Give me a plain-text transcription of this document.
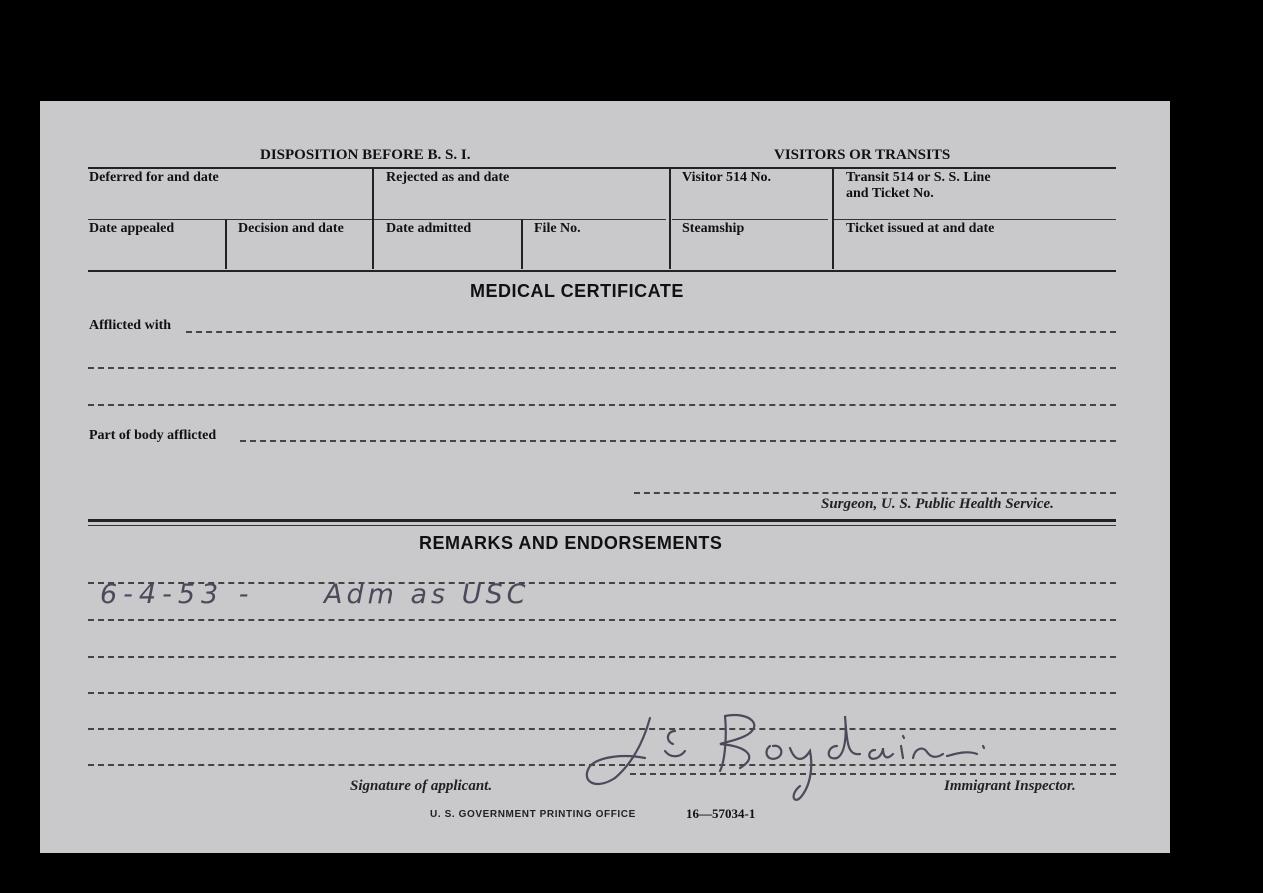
DISPOSITION BEFORE B. S. I.	VISITORS OR TRANSITS
Deferred for and date	Rejected as and date	Visitor 514 No.	Transit 514 or S. S. Line
and Ticket No.
Date appealed	Decision and date	Date admitted	File No.	Steamship	Ticket issued at and date
MEDICAL CERTIFICATE
Afflicted with
Part of body afflicted
Surgeon, U. S. Public Health Service.
REMARKS AND ENDORSEMENTS
6-4-53 -	Adm as USC
Signature of applicant.	Immigrant Inspector.
U. S. GOVERNMENT PRINTING OFFICE	16—57034-1
